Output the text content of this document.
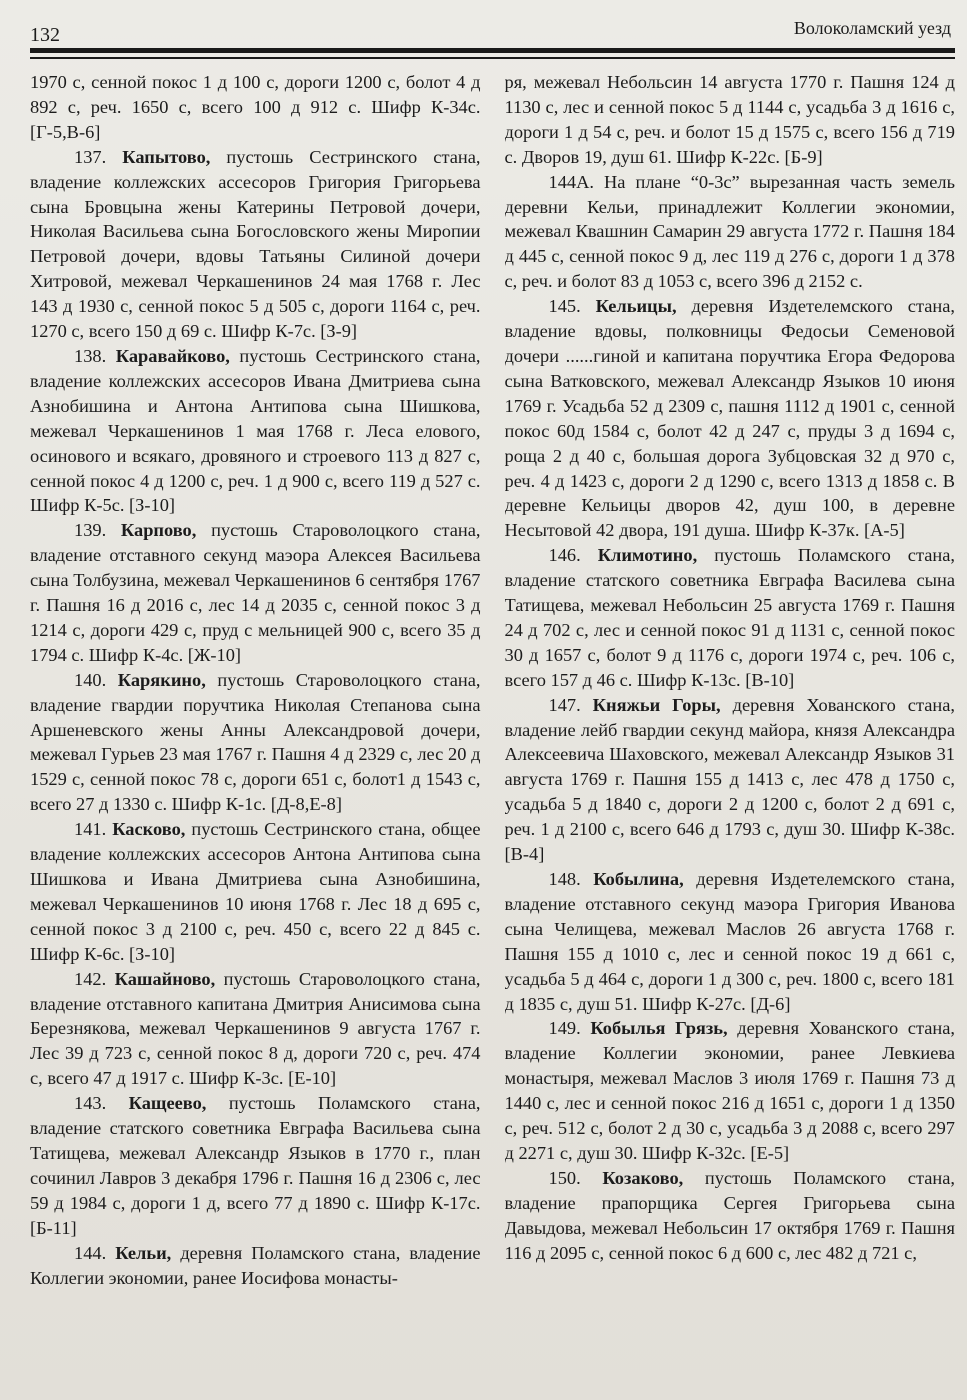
132	Волоколамский уезд

1970 с, сенной покос 1 д 100 с, дороги 1200 с, болот 4 д 892 с, реч. 1650 с, всего 100 д 912 с. Шифр К-34с. [Г-5,В-6]

137. Капытово, пустошь Сестринского стана, владение коллежских ассесоров Григория Григорьева сына Бровцына жены Катерины Петровой дочери, Николая Васильева сына Богословского жены Миропии Петровой дочери, вдовы Татьяны Силиной дочери Хитровой, межевал Черкашенинов 24 мая 1768 г. Лес 143 д 1930 с, сенной покос 5 д 505 с, дороги 1164 с, реч. 1270 с, всего 150 д 69 с. Шифр К-7с. [З-9]

138. Каравайково, пустошь Сестринского стана, владение коллежских ассесоров Ивана Дмитриева сына Азнобишина и Антона Антипова сына Шишкова, межевал Черкашенинов 1 мая 1768 г. Леса елового, осинового и всякаго, дровяного и строевого 113 д 827 с, сенной покос 4 д 1200 с, реч. 1 д 900 с, всего 119 д 527 с. Шифр К-5с. [З-10]

139. Карпово, пустошь Староволоцкого стана, владение отставного секунд маэора Алексея Васильева сына Толбузина, межевал Черкашенинов 6 сентября 1767 г. Пашня 16 д 2016 с, лес 14 д 2035 с, сенной покос 3 д 1214 с, дороги 429 с, пруд с мельницей 900 с, всего 35 д 1794 с. Шифр К-4с. [Ж-10]

140. Карякино, пустошь Староволоцкого стана, владение гвардии поручтика Николая Степанова сына Аршеневского жены Анны Александровой дочери, межевал Гурьев 23 мая 1767 г. Пашня 4 д 2329 с, лес 20 д 1529 с, сенной покос 78 с, дороги 651 с, болот1 д 1543 с, всего 27 д 1330 с. Шифр К-1с. [Д-8,Е-8]

141. Касково, пустошь Сестринского стана, общее владение коллежских ассесоров Антона Антипова сына Шишкова и Ивана Дмитриева сына Азнобишина, межевал Черкашенинов 10 июня 1768 г. Лес 18 д 695 с, сенной покос 3 д 2100 с, реч. 450 с, всего 22 д 845 с. Шифр К-6с. [З-10]

142. Кашайново, пустошь Староволоцкого стана, владение отставного капитана Дмитрия Анисимова сына Березнякова, межевал Черкашенинов 9 августа 1767 г. Лес 39 д 723 с, сенной покос 8 д, дороги 720 с, реч. 474 с, всего 47 д 1917 с. Шифр К-3с. [Е-10]

143. Кащеево, пустошь Поламского стана, владение статского советника Евграфа Васильева сына Татищева, межевал Александр Языков в 1770 г., план сочинил Лавров 3 декабря 1796 г. Пашня 16 д 2306 с, лес 59 д 1984 с, дороги 1 д, всего 77 д 1890 с. Шифр К-17с. [Б-11]

144. Кельи, деревня Поламского стана, владение Коллегии экономии, ранее Иосифова монасты-

ря, межевал Небольсин 14 августа 1770 г. Пашня 124 д 1130 с, лес и сенной покос 5 д 1144 с, усадьба 3 д 1616 с, дороги 1 д 54 с, реч. и болот 15 д 1575 с, всего 156 д 719 с. Дворов 19, душ 61. Шифр К-22с. [Б-9]

144А. На плане “0-3с” вырезанная часть земель деревни Кельи, принадлежит Коллегии экономии, межевал Квашнин Самарин 29 августа 1772 г. Пашня 184 д 445 с, сенной покос 9 д, лес 119 д 276 с, дороги 1 д 378 с, реч. и болот 83 д 1053 с, всего 396 д 2152 с.

145. Кельицы, деревня Издетелемского стана, владение вдовы, полковницы Федосьи Семеновой дочери ......гиной и капитана поручтика Егора Федорова сына Ватковского, межевал Александр Языков 10 июня 1769 г. Усадьба 52 д 2309 с, пашня 1112 д 1901 с, сенной покос 60д 1584 с, болот 42 д 247 с, пруды 3 д 1694 с, роща 2 д 40 с, большая дорога Зубцовская 32 д 970 с, реч. 4 д 1423 с, дороги 2 д 1290 с, всего 1313 д 1858 с. В деревне Кельицы дворов 42, душ 100, в деревне Несытовой 42 двора, 191 душа. Шифр К-37к. [А-5]

146. Климотино, пустошь Поламского стана, владение статского советника Евграфа Василева сына Татищева, межевал Небольсин 25 августа 1769 г. Пашня 24 д 702 с, лес и сенной покос 91 д 1131 с, сенной покос 30 д 1657 с, болот 9 д 1176 с, дороги 1974 с, реч. 106 с, всего 157 д 46 с. Шифр К-13с. [В-10]

147. Княжьи Горы, деревня Хованского стана, владение лейб гвардии секунд майора, князя Александра Алексеевича Шаховского, межевал Александр Языков 31 августа 1769 г. Пашня 155 д 1413 с, лес 478 д 1750 с, усадьба 5 д 1840 с, дороги 2 д 1200 с, болот 2 д 691 с, реч. 1 д 2100 с, всего 646 д 1793 с, душ 30. Шифр К-38с. [В-4]

148. Кобылина, деревня Издетелемского стана, владение отставного секунд маэора Григория Иванова сына Челищева, межевал Маслов 26 августа 1768 г. Пашня 155 д 1010 с, лес и сенной покос 19 д 661 с, усадьба 5 д 464 с, дороги 1 д 300 с, реч. 1800 с, всего 181 д 1835 с, душ 51. Шифр К-27с. [Д-6]

149. Кобылья Грязь, деревня Хованского стана, владение Коллегии экономии, ранее Левкиева монастыря, межевал Маслов 3 июля 1769 г. Пашня 73 д 1440 с, лес и сенной покос 216 д 1651 с, дороги 1 д 1350 с, реч. 512 с, болот 2 д 30 с, усадьба 3 д 2088 с, всего 297 д 2271 с, душ 30. Шифр К-32с. [Е-5]

150. Козаково, пустошь Поламского стана, владение прапорщика Сергея Григорьева сына Давыдова, межевал Небольсин 17 октября 1769 г. Пашня 116 д 2095 с, сенной покос 6 д 600 с, лес 482 д 721 с,
